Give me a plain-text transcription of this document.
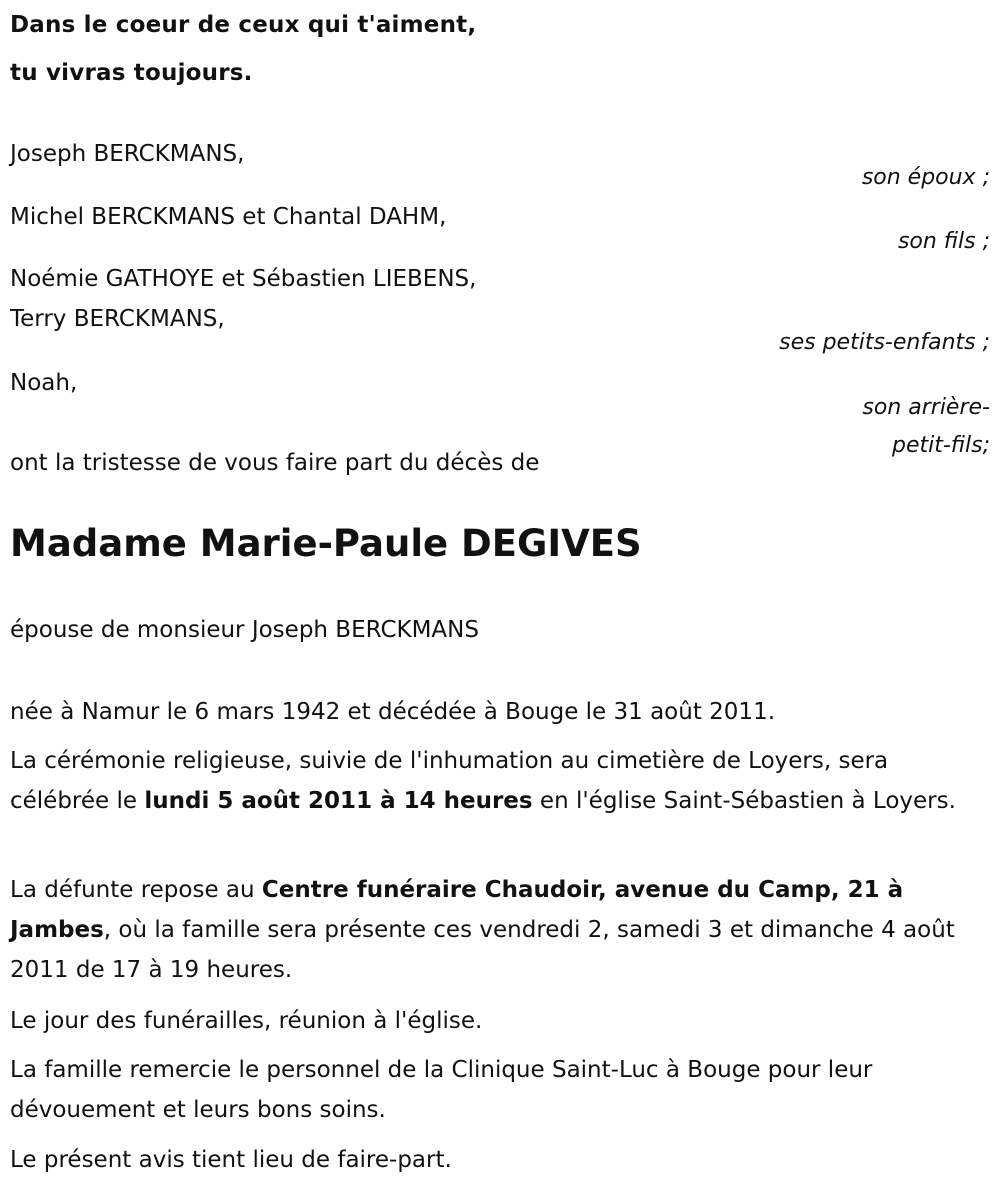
Dans le coeur de ceux qui t'aiment,
tu vivras toujours.
Joseph BERCKMANS,
son époux ;
Michel BERCKMANS et Chantal DAHM,
son fils ;
Noémie GATHOYE et Sébastien LIEBENS,
Terry BERCKMANS,
ses petits-enfants ;
Noah,
son arrière-
petit-fils;
ont la tristesse de vous faire part du décès de
Madame Marie-Paule DEGIVES
épouse de monsieur Joseph BERCKMANS
née à Namur le 6 mars 1942 et décédée à Bouge le 31 août 2011.
La cérémonie religieuse, suivie de l'inhumation au cimetière de Loyers, sera célébrée le lundi 5 août 2011 à 14 heures en l'église Saint-Sébastien à Loyers.
La défunte repose au Centre funéraire Chaudoir, avenue du Camp, 21 à Jambes, où la famille sera présente ces vendredi 2, samedi 3 et dimanche 4 août 2011 de 17 à 19 heures.
Le jour des funérailles, réunion à l'église.
La famille remercie le personnel de la Clinique Saint-Luc à Bouge pour leur dévouement et leurs bons soins.
Le présent avis tient lieu de faire-part.
